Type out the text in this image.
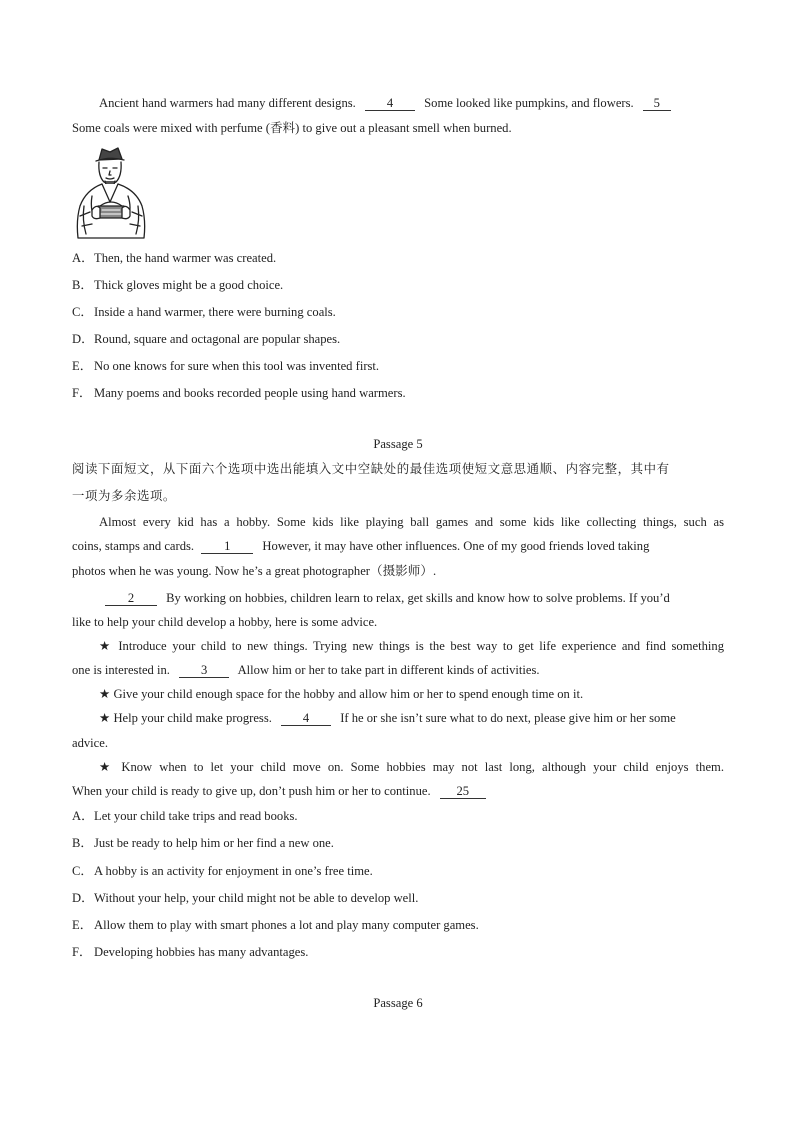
Ancient hand warmers had many different designs. 4 Some looked like pumpkins, and flowers. 5
Some coals were mixed with perfume (香料) to give out a pleasant smell when burned.
A．Then, the hand warmer was created.
B．Thick gloves might be a good choice.
C．Inside a hand warmer, there were burning coals.
D．Round, square and octagonal are popular shapes.
E． No one knows for sure when this tool was invented first.
F． Many poems and books recorded people using hand warmers.
Passage 5
阅读下面短文，从下面六个选项中选出能填入文中空缺处的最佳选项使短文意思通顺、内容完整，其中有
一项为多余选项。
Almost every kid has a hobby. Some kids like playing ball games and some kids like collecting things, such as
coins, stamps and cards. 1	However, it may have other influences. One of my good friends loved taking
photos when he was young. Now he’s a great photographer（摄影师）.
2	By working on hobbies, children learn to relax, get skills and know how to solve problems. If you’d
like to help your child develop a hobby, here is some advice.
★ Introduce your child to new things. Trying new things is the best way to get life experience and find something
one is interested in. 3 Allow him or her to take part in different kinds of activities.
★ Give your child enough space for the hobby and allow him or her to spend enough time on it.
★ Help your child make progress. 4 If he or she isn’t sure what to do next, please give him or her some
advice.
★ Know when to let your child move on. Some hobbies may not last long, although your child enjoys them.
When your child is ready to give up, don’t push him or her to continue. 25
A．Let your child take trips and read books.
B．Just be ready to help him or her find a new one.
C．A hobby is an activity for enjoyment in one’s free time.
D．Without your help, your child might not be able to develop well.
E． Allow them to play with smart phones a lot and play many computer games.
F． Developing hobbies has many advantages.
Passage 6
